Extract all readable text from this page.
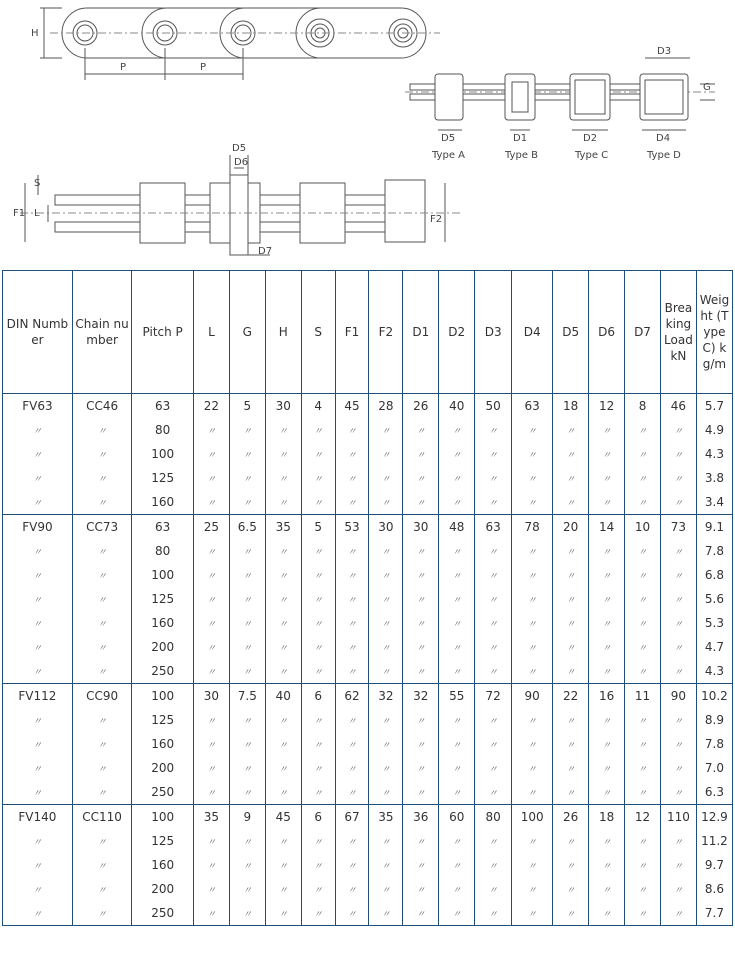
H
P	P
D3
G
D5	D1	D2	D4
Type A	Type B	Type C	Type D
D5
D6
D7
S
F1 L
F2
DIN Number	Chain number	Pitch P	L	G	H	S	F1	F2	D1	D2	D3	D4	D5	D6	D7	Breaking Load kN	Weight (Type C) kg/m
FV63	CC46	63	22	5	30	4	45	28	26	40	50	63	18	12	8	46	5.7
〃	〃	80	〃	〃	〃	〃	〃	〃	〃	〃	〃	〃	〃	〃	〃	〃	4.9
〃	〃	100	〃	〃	〃	〃	〃	〃	〃	〃	〃	〃	〃	〃	〃	〃	4.3
〃	〃	125	〃	〃	〃	〃	〃	〃	〃	〃	〃	〃	〃	〃	〃	〃	3.8
〃	〃	160	〃	〃	〃	〃	〃	〃	〃	〃	〃	〃	〃	〃	〃	〃	3.4
FV90	CC73	63	25	6.5	35	5	53	30	30	48	63	78	20	14	10	73	9.1
〃	〃	80	〃	〃	〃	〃	〃	〃	〃	〃	〃	〃	〃	〃	〃	〃	7.8
〃	〃	100	〃	〃	〃	〃	〃	〃	〃	〃	〃	〃	〃	〃	〃	〃	6.8
〃	〃	125	〃	〃	〃	〃	〃	〃	〃	〃	〃	〃	〃	〃	〃	〃	5.6
〃	〃	160	〃	〃	〃	〃	〃	〃	〃	〃	〃	〃	〃	〃	〃	〃	5.3
〃	〃	200	〃	〃	〃	〃	〃	〃	〃	〃	〃	〃	〃	〃	〃	〃	4.7
〃	〃	250	〃	〃	〃	〃	〃	〃	〃	〃	〃	〃	〃	〃	〃	〃	4.3
FV112	CC90	100	30	7.5	40	6	62	32	32	55	72	90	22	16	11	90	10.2
〃	〃	125	〃	〃	〃	〃	〃	〃	〃	〃	〃	〃	〃	〃	〃	〃	8.9
〃	〃	160	〃	〃	〃	〃	〃	〃	〃	〃	〃	〃	〃	〃	〃	〃	7.8
〃	〃	200	〃	〃	〃	〃	〃	〃	〃	〃	〃	〃	〃	〃	〃	〃	7.0
〃	〃	250	〃	〃	〃	〃	〃	〃	〃	〃	〃	〃	〃	〃	〃	〃	6.3
FV140	CC110	100	35	9	45	6	67	35	36	60	80	100	26	18	12	110	12.9
〃	〃	125	〃	〃	〃	〃	〃	〃	〃	〃	〃	〃	〃	〃	〃	〃	11.2
〃	〃	160	〃	〃	〃	〃	〃	〃	〃	〃	〃	〃	〃	〃	〃	〃	9.7
〃	〃	200	〃	〃	〃	〃	〃	〃	〃	〃	〃	〃	〃	〃	〃	〃	8.6
〃	〃	250	〃	〃	〃	〃	〃	〃	〃	〃	〃	〃	〃	〃	〃	〃	7.7
